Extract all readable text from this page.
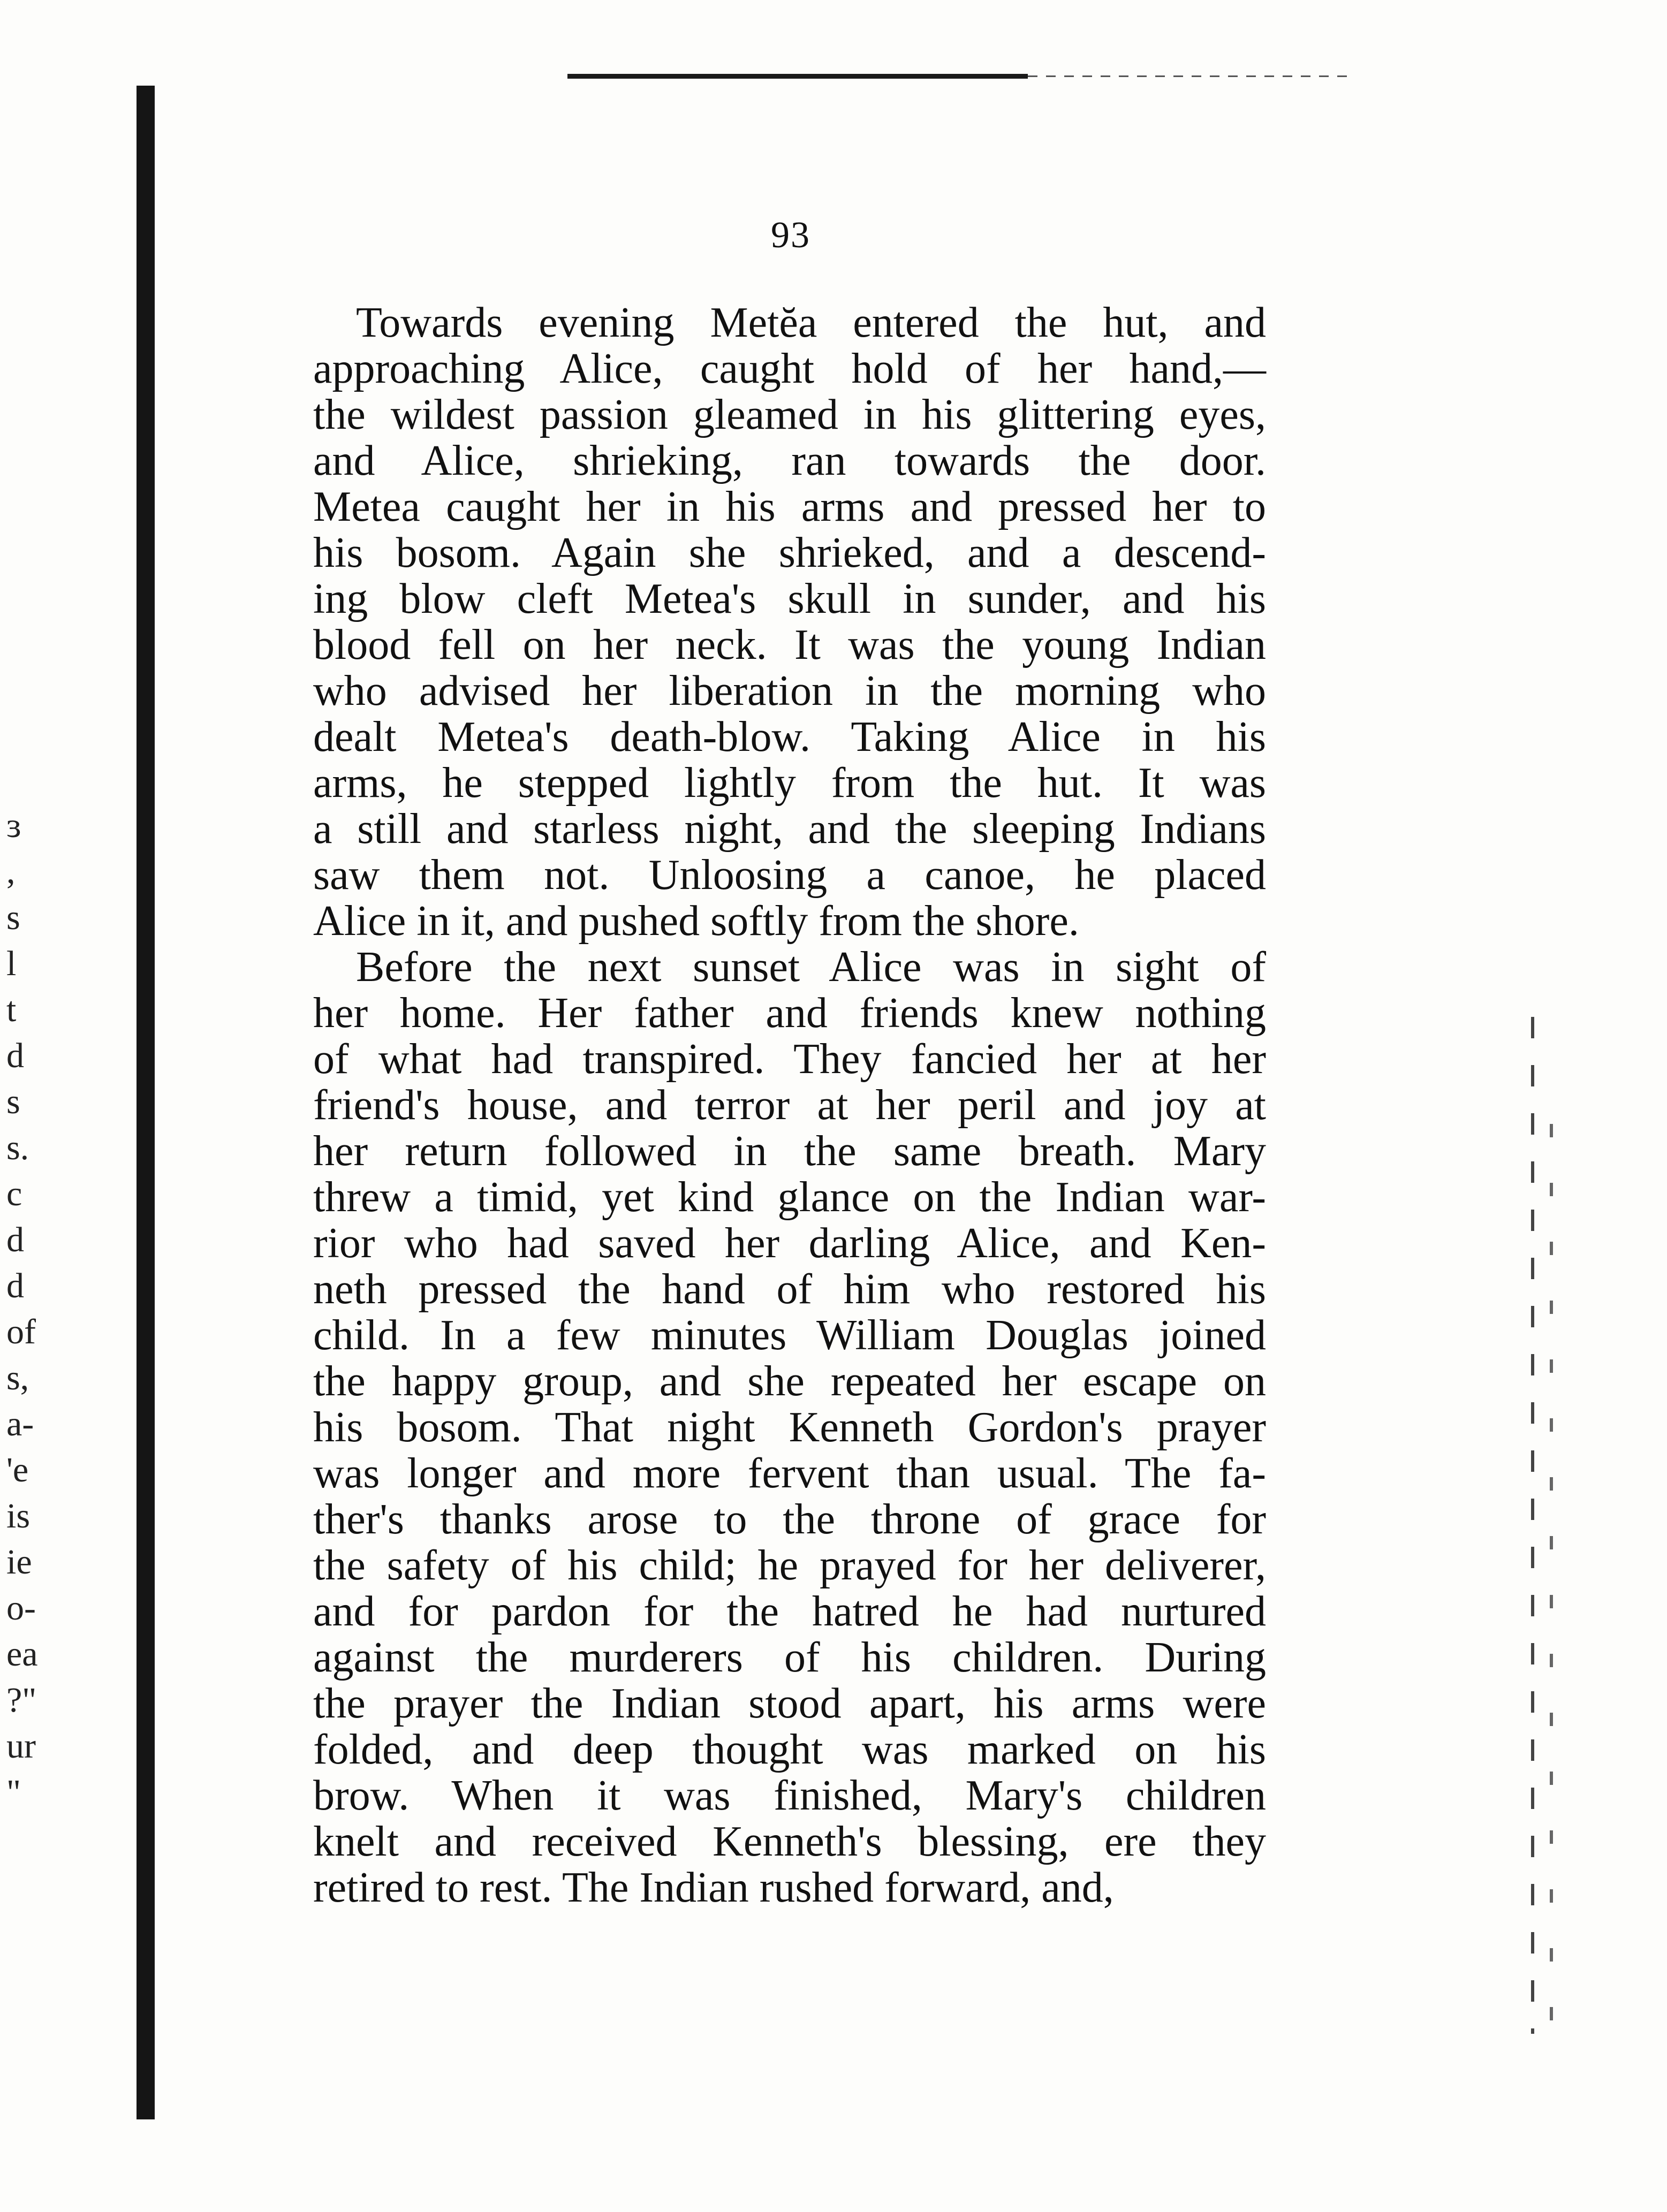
93
Towards evening Metĕa entered the hut, and
approaching Alice, caught hold of her hand,—
the wildest passion gleamed in his glittering eyes,
and Alice, shrieking, ran towards the door.
Metea caught her in his arms and pressed her to
his bosom. Again she shrieked, and a descend-
ing blow cleft Metea's skull in sunder, and his
blood fell on her neck. It was the young Indian
who advised her liberation in the morning who
dealt Metea's death-blow. Taking Alice in his
arms, he stepped lightly from the hut. It was
a still and starless night, and the sleeping Indians
saw them not. Unloosing a canoe, he placed
Alice in it, and pushed softly from the shore.
Before the next sunset Alice was in sight of
her home. Her father and friends knew nothing
of what had transpired. They fancied her at her
friend's house, and terror at her peril and joy at
her return followed in the same breath. Mary
threw a timid, yet kind glance on the Indian war-
rior who had saved her darling Alice, and Ken-
neth pressed the hand of him who restored his
child. In a few minutes William Douglas joined
the happy group, and she repeated her escape on
his bosom. That night Kenneth Gordon's prayer
was longer and more fervent than usual. The fa-
ther's thanks arose to the throne of grace for
the safety of his child; he prayed for her deliverer,
and for pardon for the hatred he had nurtured
against the murderers of his children. During
the prayer the Indian stood apart, his arms were
folded, and deep thought was marked on his
brow. When it was finished, Mary's children
knelt and received Kenneth's blessing, ere they
retired to rest. The Indian rushed forward, and,
ɜ
,
s
l
t
d
s
s.
c
d
d
of
s,
a-
'e
is
ie
o-
ea
?"
ur
"
